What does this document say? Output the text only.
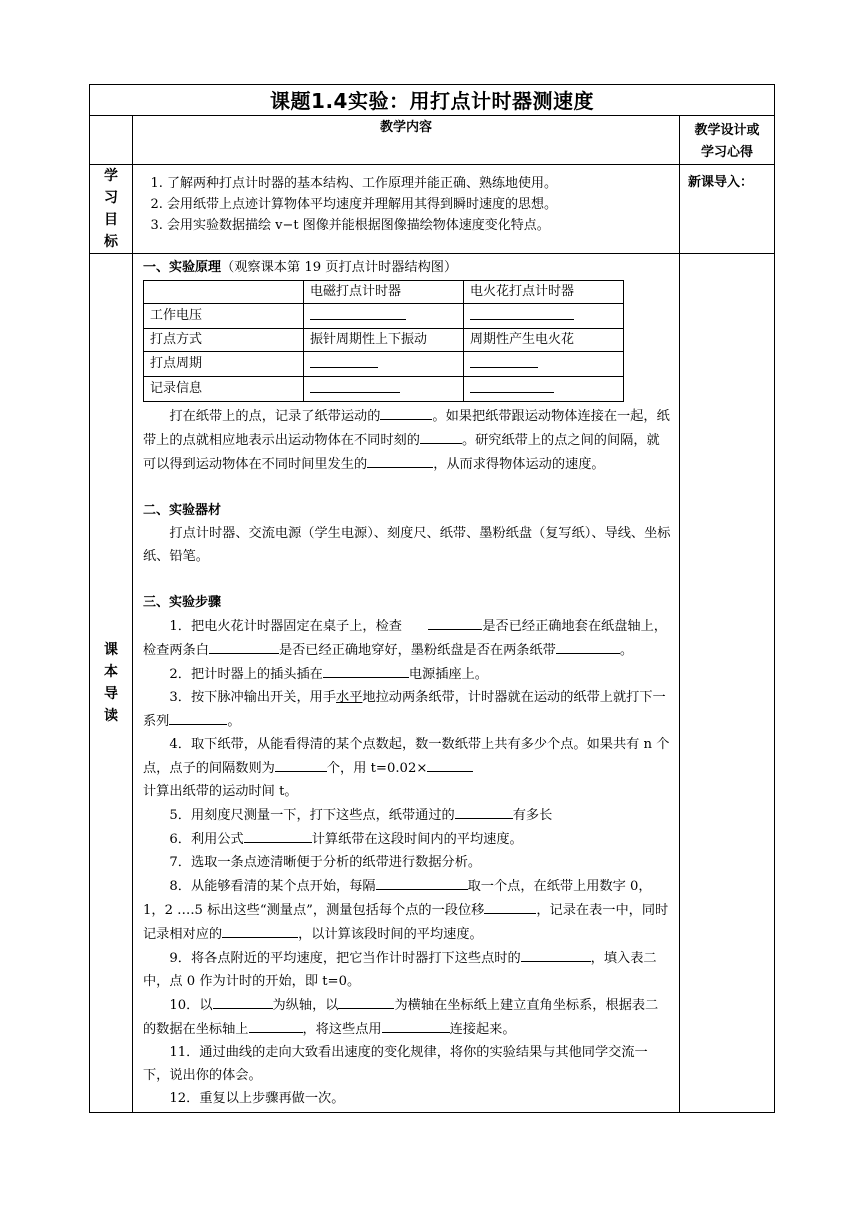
课题1.4实验：用打点计时器测速度
	教学内容	教学设计或
学习心得

学
习
目
标

1. 了解两种打点计时器的基本结构、工作原理并能正确、熟练地使用。
2. 会用纸带上点迹计算物体平均速度并理解用其得到瞬时速度的思想。
3. 会用实验数据描绘 v−t 图像并能根据图像描绘物体速度变化特点。
	新课导入：

课
本
导
读

一、实验原理（观察课本第 19 页打点计时器结构图）

	电磁打点计时器	电火花打点计时器
工作电压		
打点方式	振针周期性上下振动	周期性产生电火花
打点周期		
记录信息		

打在纸带上的点，记录了纸带运动的	。如果把纸带跟运动物体连接在一起，纸带上的点就相应地表示出运动物体在不同时刻的	。研究纸带上的点之间的间隔，就可以得到运动物体在不同时间里发生的	，从而求得物体运动的速度。

二、实验器材

打点计时器、交流电源（学生电源）、刻度尺、纸带、墨粉纸盘（复写纸）、导线、坐标纸、铅笔。

三、实验步骤

1．把电火花计时器固定在桌子上，检查　　	是否已经正确地套在纸盘轴上，检查两条白	是否已经正确地穿好，墨粉纸盘是否在两条纸带	。

2．把计时器上的插头插在	电源插座上。

3．按下脉冲输出开关，用手水平地拉动两条纸带，计时器就在运动的纸带上就打下一系列	。

4．取下纸带，从能看得清的某个点数起，数一数纸带上共有多少个点。如果共有 n 个点，点子的间隔数则为	个，用 t=0.02×

计算出纸带的运动时间 t。

5．用刻度尺测量一下，打下这些点，纸带通过的	有多长

6．利用公式	计算纸带在这段时间内的平均速度。

7．选取一条点迹清晰便于分析的纸带进行数据分析。

8．从能够看清的某个点开始，每隔	取一个点，在纸带上用数字 0，1，2 ….5 标出这些“测量点”，测量包括每个点的一段位移	，记录在表一中，同时记录相对应的	，以计算该段时间的平均速度。

9．将各点附近的平均速度，把它当作计时器打下这些点时的	，填入表二中，点 0 作为计时的开始，即 t=0。

10．以	为纵轴，以	为横轴在坐标纸上建立直角坐标系，根据表二的数据在坐标轴上	，将这些点用	连接起来。

11．通过曲线的走向大致看出速度的变化规律，将你的实验结果与其他同学交流一下，说出你的体会。

12．重复以上步骤再做一次。
